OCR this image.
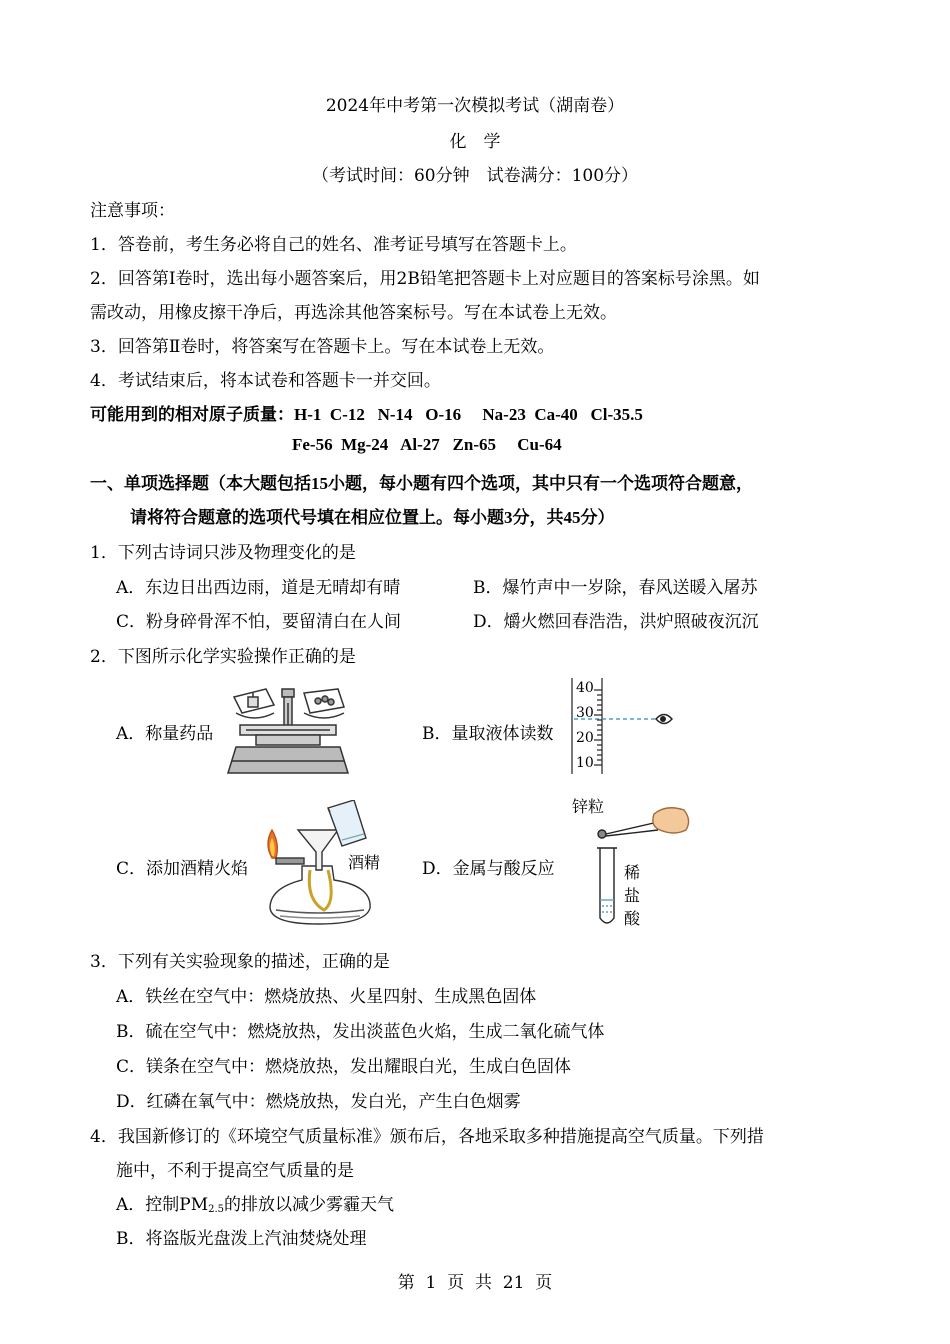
2024年中考第一次模拟考试（湖南卷）
化　学
（考试时间：60分钟　试卷满分：100分）
注意事项：
1．答卷前，考生务必将自己的姓名、准考证号填写在答题卡上。
2．回答第Ⅰ卷时，选出每小题答案后，用2B铅笔把答题卡上对应题目的答案标号涂黑。如
需改动，用橡皮擦干净后，再选涂其他答案标号。写在本试卷上无效。
3．回答第Ⅱ卷时，将答案写在答题卡上。写在本试卷上无效。
4．考试结束后，将本试卷和答题卡一并交回。
可能用到的相对原子质量：H-1  C-12   N-14   O-16     Na-23  Ca-40   Cl-35.5
Fe-56  Mg-24   Al-27   Zn-65     Cu-64
一、单项选择题（本大题包括15小题，每小题有四个选项，其中只有一个选项符合题意，
请将符合题意的选项代号填在相应位置上。每小题3分，共45分）
1．下列古诗词只涉及物理变化的是
A．东边日出西边雨，道是无晴却有晴	B．爆竹声中一岁除，春风送暖入屠苏
C．粉身碎骨浑不怕，要留清白在人间	D．爝火燃回春浩浩，洪炉照破夜沉沉
2．下图所示化学实验操作正确的是
A．称量药品	B．量取液体读数
C．添加酒精火焰	D．金属与酸反应
40
30
20
10
酒精
锌粒
稀
盐
酸
3．下列有关实验现象的描述，正确的是
A．铁丝在空气中：燃烧放热、火星四射、生成黑色固体
B．硫在空气中：燃烧放热，发出淡蓝色火焰，生成二氧化硫气体
C．镁条在空气中：燃烧放热，发出耀眼白光，生成白色固体
D．红磷在氧气中：燃烧放热，发白光，产生白色烟雾
4．我国新修订的《环境空气质量标准》颁布后，各地采取多种措施提高空气质量。下列措
施中，不利于提高空气质量的是
A．控制$PM_{2.5}$的排放以减少雾霾天气
B．将盗版光盘泼上汽油焚烧处理
第  1  页  共  21  页
